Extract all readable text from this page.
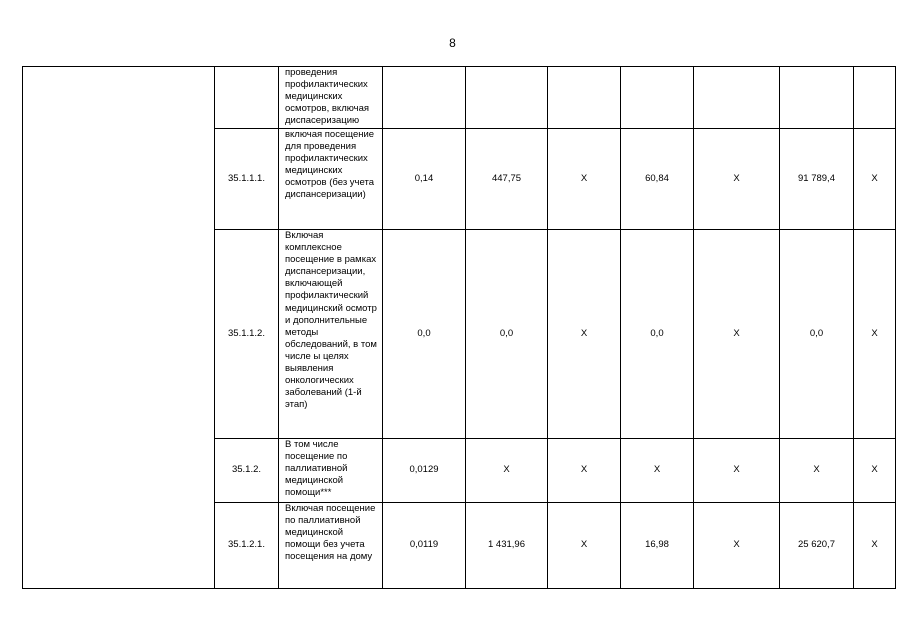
8

		проведения профилактических медицинских осмотров, включая диспасеризацию							

	35.1.1.1.	включая посещение для проведения профилактических медицинских осмотров (без учета диспансеризации)	0,14	447,75	X	60,84	X	91 789,4	X
	35.1.1.2.	Включая комплексное посещение в рамках диспансеризации, включающей профилактический медицинский осмотр и дополнительные методы обследований, в том числе ы целях выявления онкологических заболеваний (1-й этап)	0,0	0,0	X	0,0	X	0,0	X
	35.1.2.	В том числе посещение по паллиативной медицинской помощи***	0,0129	X	X	X	X	X	X
	35.1.2.1.	Включая посещение по паллиативной медицинской помощи без учета посещения на дому	0,0119	1 431,96	X	16,98	X	25 620,7	X
